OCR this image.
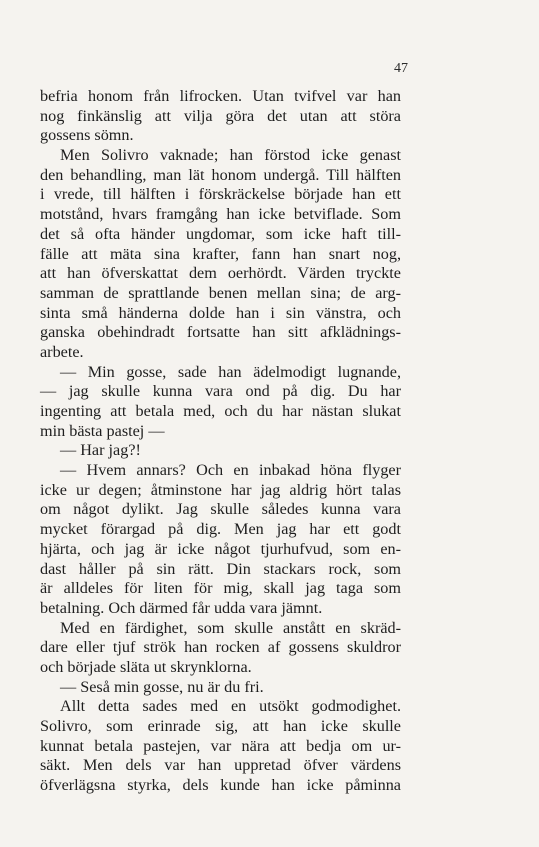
47
befria honom från lifrocken. Utan tvifvel var han
nog finkänslig att vilja göra det utan att störa
gossens sömn.
Men Solivro vaknade; han förstod icke genast
den behandling, man lät honom undergå. Till hälften
i vrede, till hälften i förskräckelse började han ett
motstånd, hvars framgång han icke betviflade. Som
det så ofta händer ungdomar, som icke haft till-
fälle att mäta sina krafter, fann han snart nog,
att han öfverskattat dem oerhördt. Värden tryckte
samman de sprattlande benen mellan sina; de arg-
sinta små händerna dolde han i sin vänstra, och
ganska obehindradt fortsatte han sitt afklädnings-
arbete.
— Min gosse, sade han ädelmodigt lugnande,
— jag skulle kunna vara ond på dig. Du har
ingenting att betala med, och du har nästan slukat
min bästa pastej —
— Har jag?!
— Hvem annars? Och en inbakad höna flyger
icke ur degen; åtminstone har jag aldrig hört talas
om något dylikt. Jag skulle således kunna vara
mycket förargad på dig. Men jag har ett godt
hjärta, och jag är icke något tjurhufvud, som en-
dast håller på sin rätt. Din stackars rock, som
är alldeles för liten för mig, skall jag taga som
betalning. Och därmed får udda vara jämnt.
Med en färdighet, som skulle anstått en skräd-
dare eller tjuf strök han rocken af gossens skuldror
och började släta ut skrynklorna.
— Seså min gosse, nu är du fri.
Allt detta sades med en utsökt godmodighet.
Solivro, som erinrade sig, att han icke skulle
kunnat betala pastejen, var nära att bedja om ur-
säkt. Men dels var han uppretad öfver värdens
öfverlägsna styrka, dels kunde han icke påminna
